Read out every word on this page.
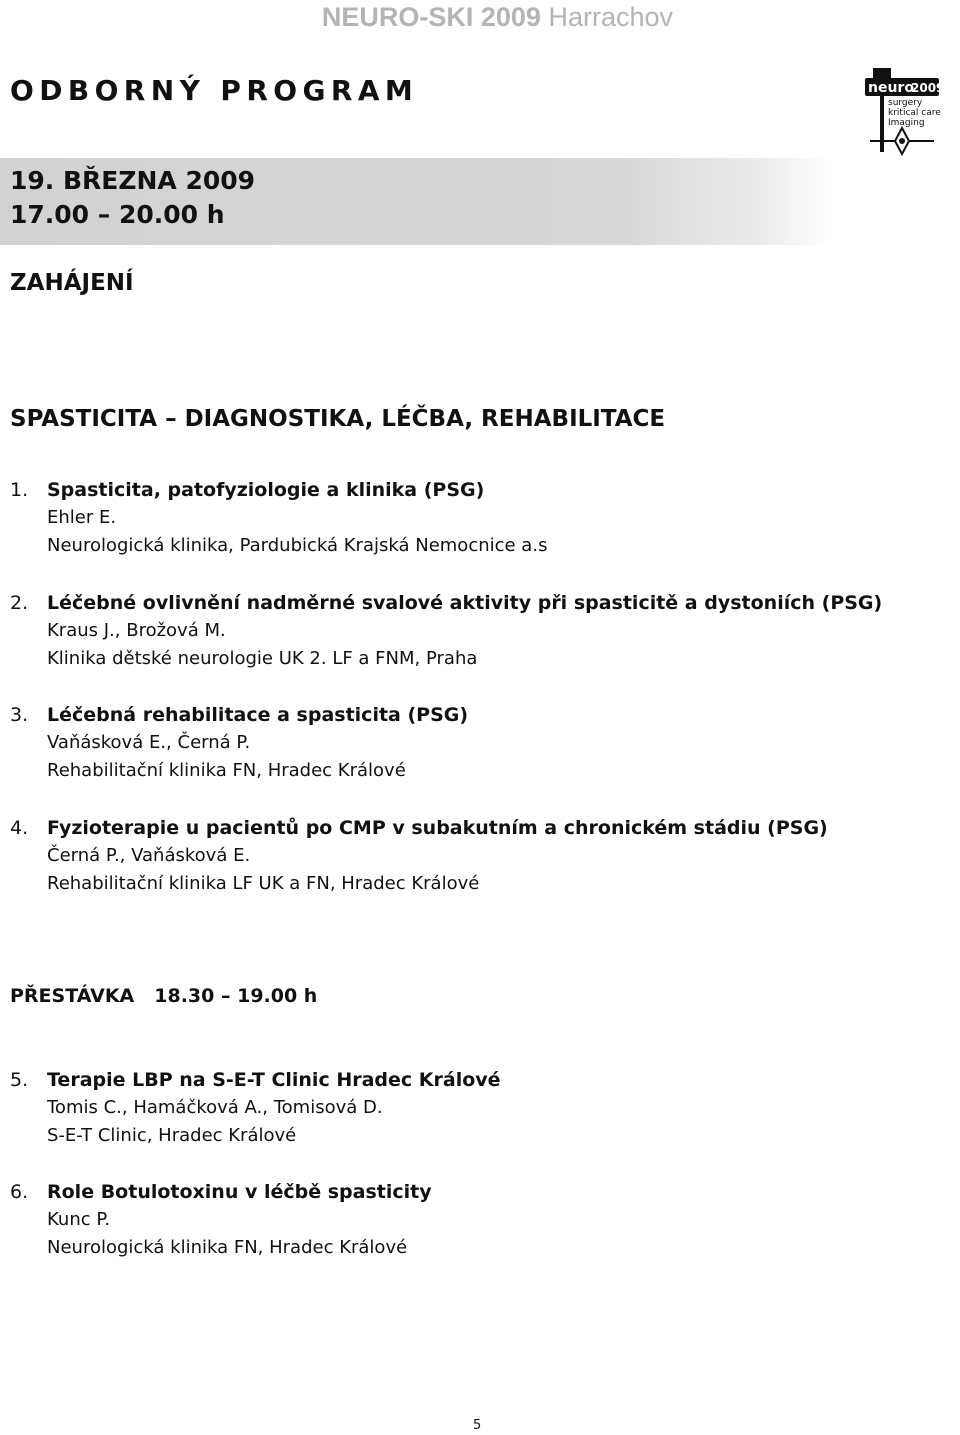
NEURO-SKI 2009 Harrachov
ODBORNÝ PROGRAM	neuro
2009
surgery
kritical care
Imaging
19. BŘEZNA 2009
17.00 – 20.00 h
ZAHÁJENÍ
SPASTICITA – DIAGNOSTIKA, LÉČBA, REHABILITACE
1. Spasticita, patofyziologie a klinika (PSG)
Ehler E.
Neurologická klinika, Pardubická Krajská Nemocnice a.s
2. Léčebné ovlivnění nadměrné svalové aktivity při spasticitě a dystoniích (PSG)
Kraus J., Brožová M.
Klinika dětské neurologie UK 2. LF a FNM, Praha
3. Léčebná rehabilitace a spasticita (PSG)
Vaňásková E., Černá P.
Rehabilitační klinika FN, Hradec Králové
4. Fyzioterapie u pacientů po CMP v subakutním a chronickém stádiu (PSG)
Černá P., Vaňásková E.
Rehabilitační klinika LF UK a FN, Hradec Králové
PŘESTÁVKA 18.30 – 19.00 h
5. Terapie LBP na S-E-T Clinic Hradec Králové
Tomis C., Hamáčková A., Tomisová D.
S-E-T Clinic, Hradec Králové
6. Role Botulotoxinu v léčbě spasticity
Kunc P.
Neurologická klinika FN, Hradec Králové
5
